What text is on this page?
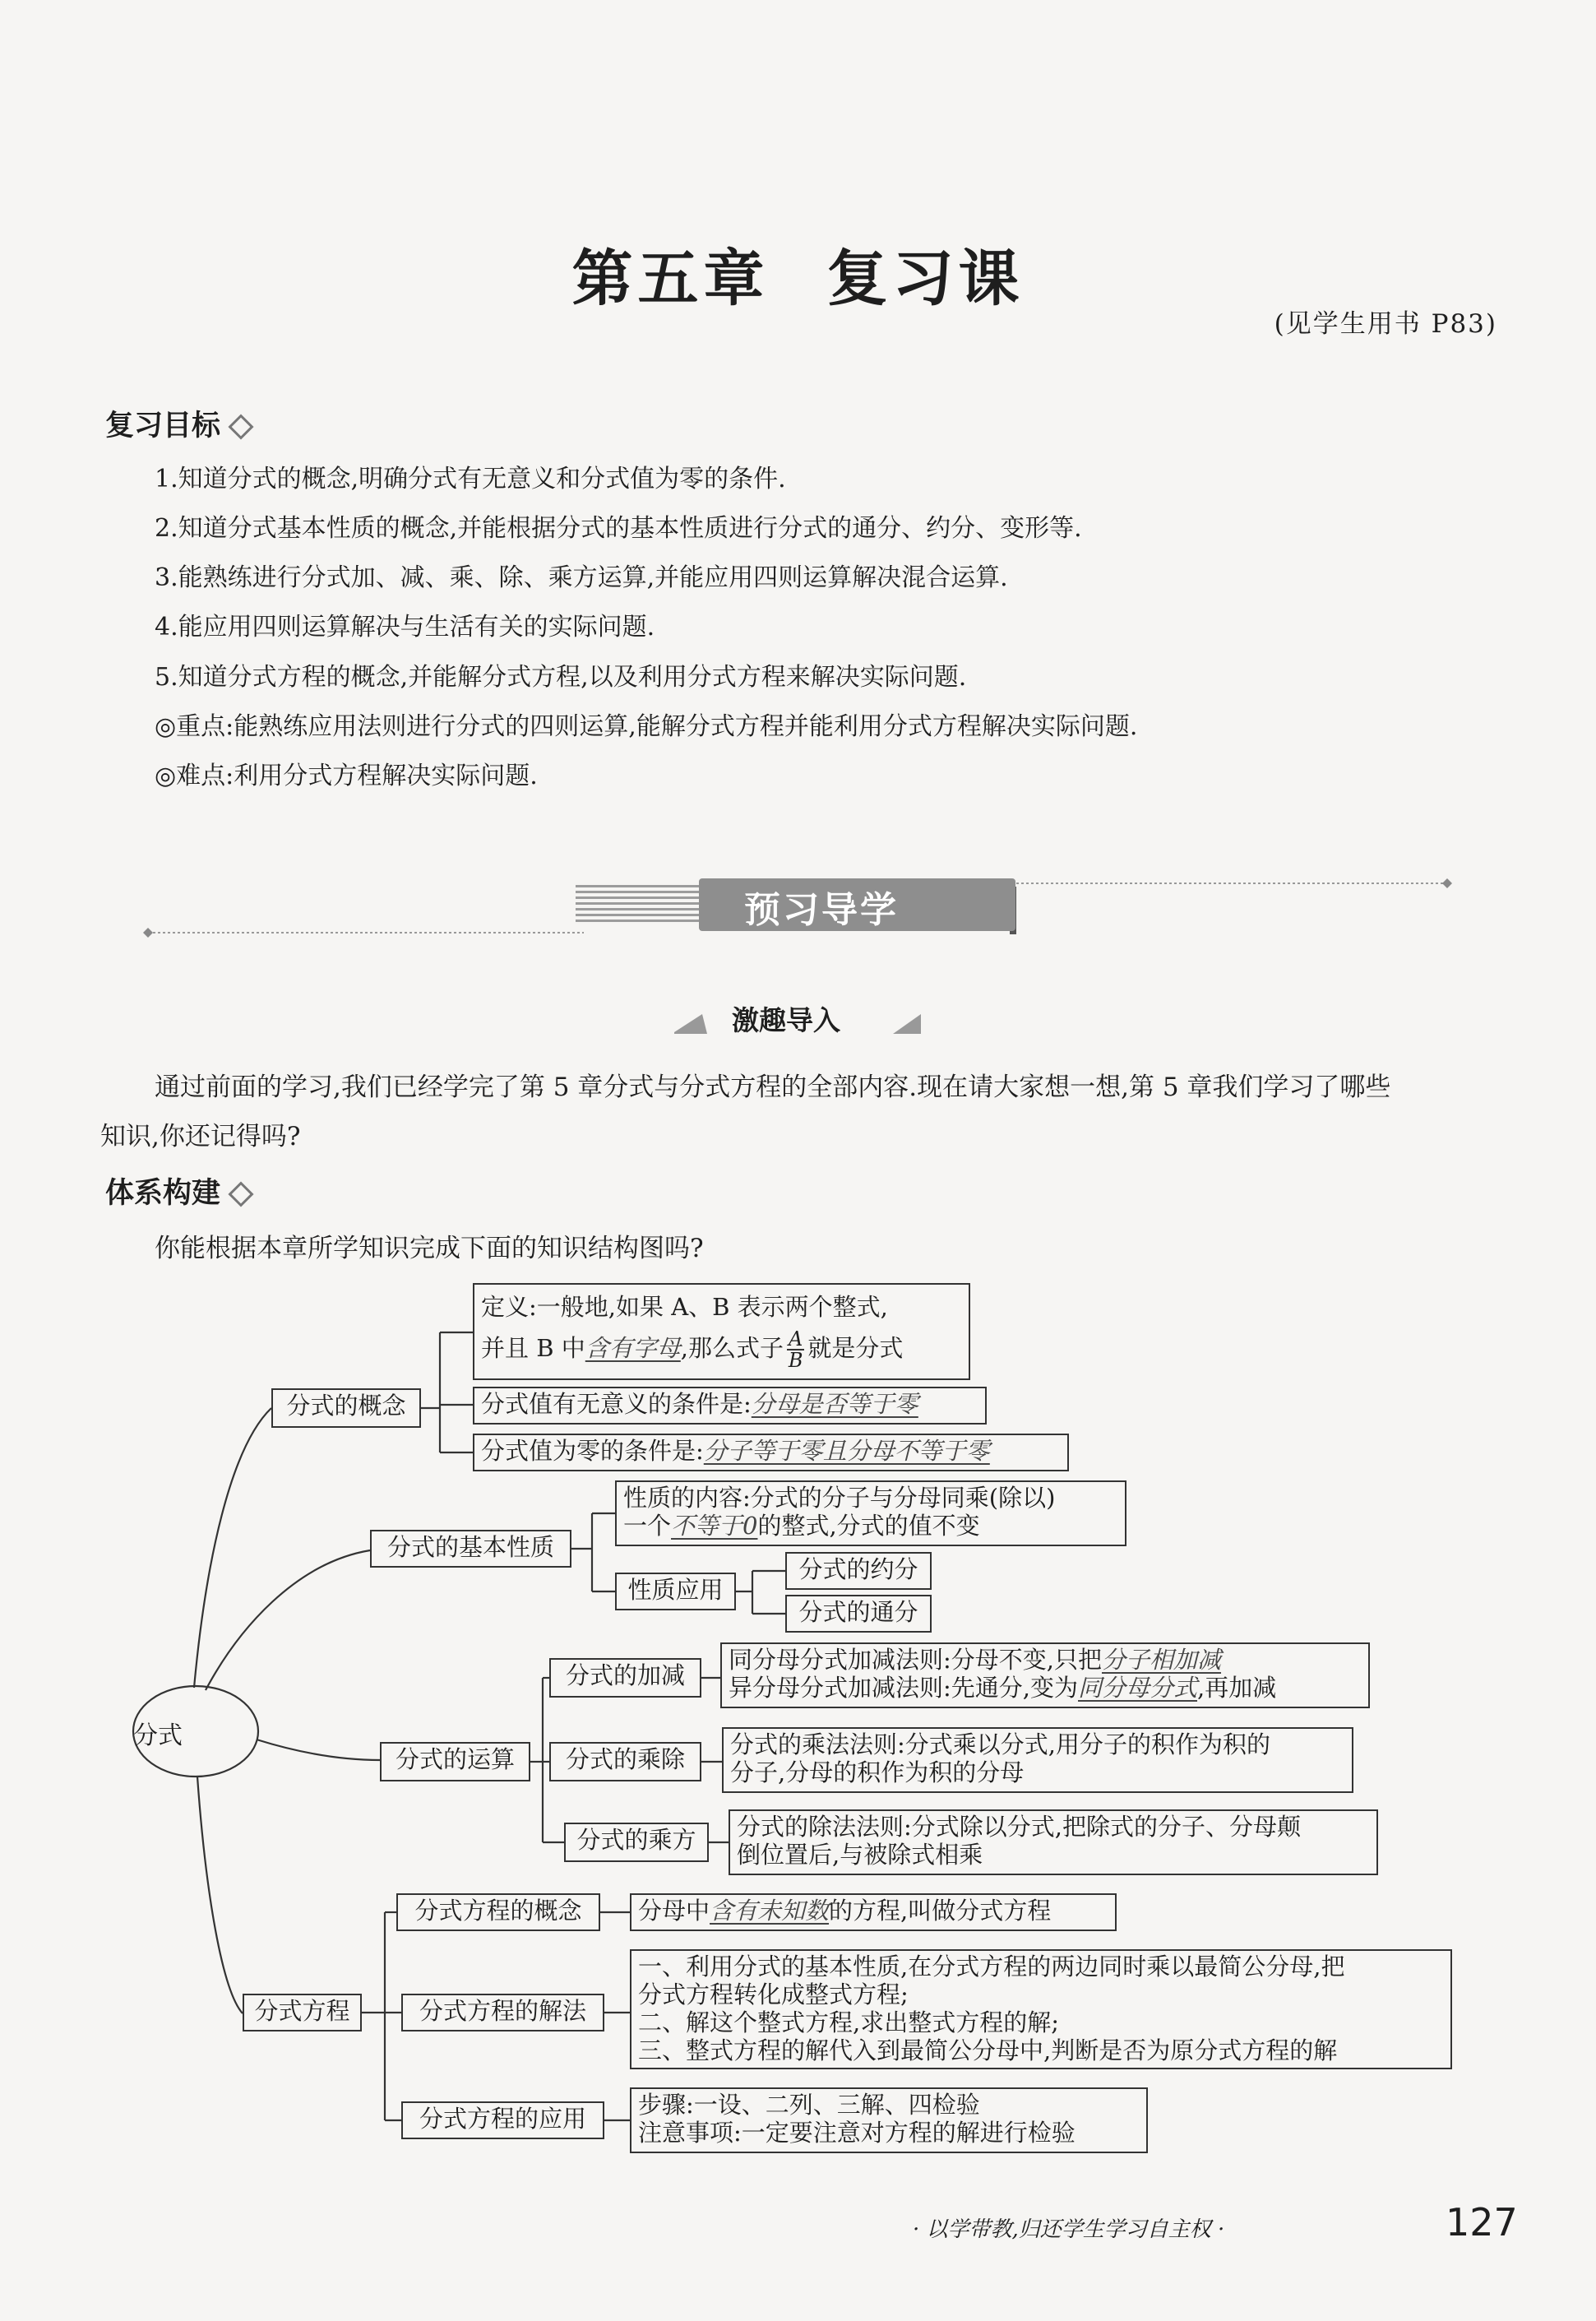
第五章 复习课
(见学生用书 P83)
复习目标
1.知道分式的概念,明确分式有无意义和分式值为零的条件.
2.知道分式基本性质的概念,并能根据分式的基本性质进行分式的通分、约分、变形等.
3.能熟练进行分式加、减、乘、除、乘方运算,并能应用四则运算解决混合运算.
4.能应用四则运算解决与生活有关的实际问题.
5.知道分式方程的概念,并能解分式方程,以及利用分式方程来解决实际问题.
◎重点:能熟练应用法则进行分式的四则运算,能解分式方程并能利用分式方程解决实际问题.
◎难点:利用分式方程解决实际问题.
预习导学
激趣导入
通过前面的学习,我们已经学完了第 5 章分式与分式方程的全部内容.现在请大家想一想,第 5 章我们学习了哪些
知识,你还记得吗?
体系构建
你能根据本章所学知识完成下面的知识结构图吗?
分式
分式的概念
定义:一般地,如果 A、B 表示两个整式,
并且 B 中含有字母,那么式子 $\frac{A}{B}$ 就是分式
分式值有无意义的条件是:分母是否等于零
分式值为零的条件是:分子等于零且分母不等于零
分式的基本性质
性质的内容:分式的分子与分母同乘(除以)
一个不等于0的整式,分式的值不变
性质应用
分式的约分
分式的通分
分式的运算
分式的加减
同分母分式加减法则:分母不变,只把分子相加减
异分母分式加减法则:先通分,变为同分母分式,再加减
分式的乘除
分式的乘法法则:分式乘以分式,用分子的积作为积的
分子,分母的积作为积的分母
分式的乘方	分式的除法法则:分式除以分式,把除式的分子、分母颠
倒位置后,与被除式相乘
分式方程
分式方程的概念	分母中含有未知数的方程,叫做分式方程
分式方程的解法
一、利用分式的基本性质,在分式方程的两边同时乘以最简公分母,把
分式方程转化成整式方程;
二、解这个整式方程,求出整式方程的解;
三、整式方程的解代入到最简公分母中,判断是否为原分式方程的解
分式方程的应用	步骤:一设、二列、三解、四检验
注意事项:一定要注意对方程的解进行检验
· 以学带教,归还学生学习自主权 ·	127
